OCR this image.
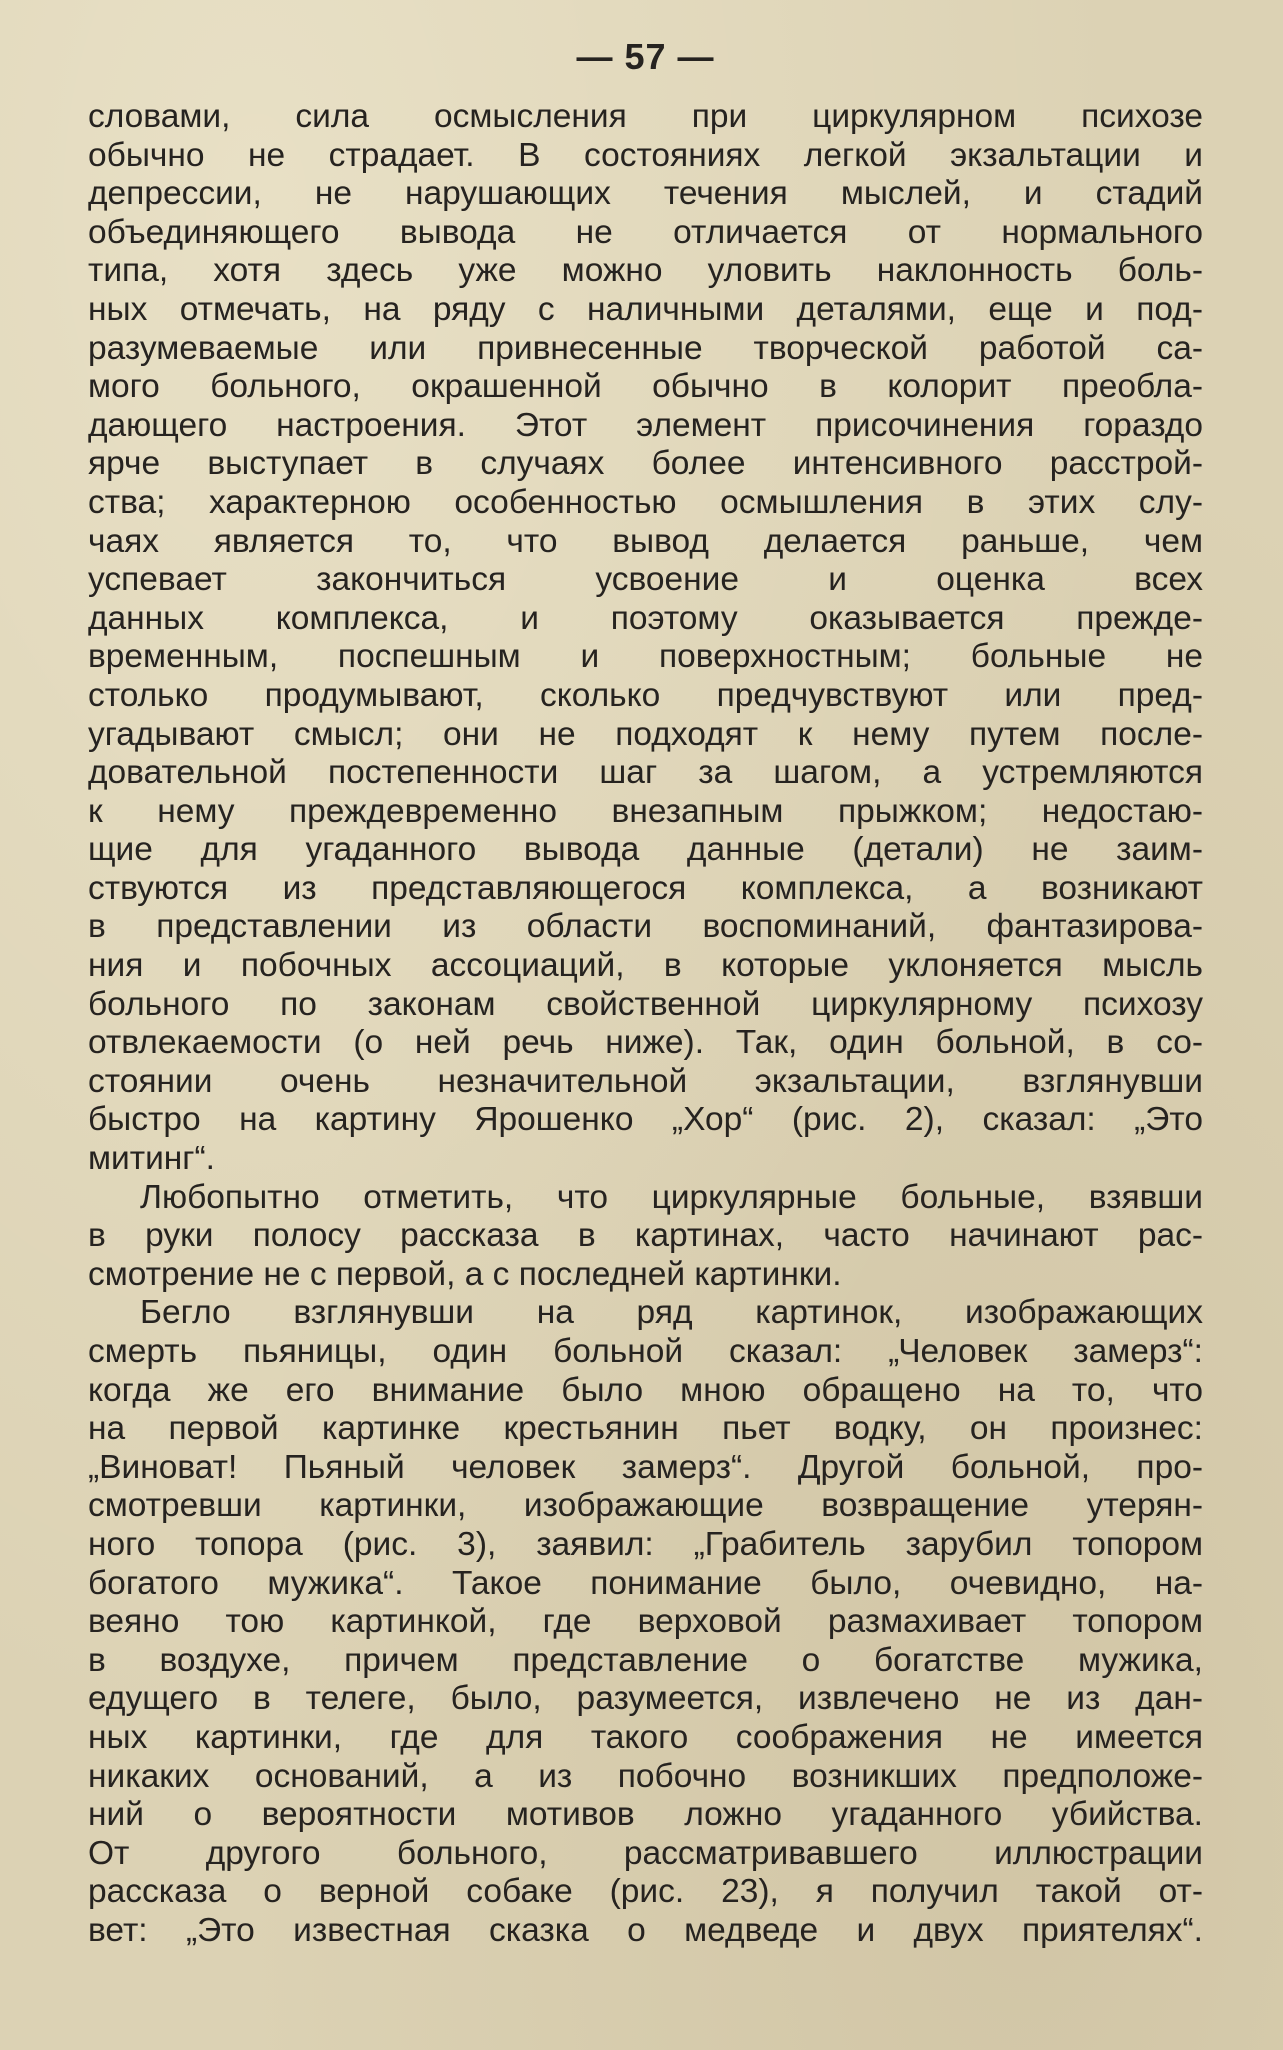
— 57 —

словами, сила осмысления при циркулярном психозе
обычно не страдает. В состояниях легкой экзальтации и
депрессии, не нарушающих течения мыслей, и стадий
объединяющего вывода не отличается от нормального
типа, хотя здесь уже можно уловить наклонность боль-
ных отмечать, на ряду с наличными деталями, еще и под-
разумеваемые или привнесенные творческой работой са-
мого больного, окрашенной обычно в колорит преобла-
дающего настроения. Этот элемент присочинения гораздо
ярче выступает в случаях более интенсивного расстрой-
ства; характерною особенностью осмышления в этих слу-
чаях является то, что вывод делается раньше, чем
успевает закончиться усвоение и оценка всех
данных комплекса, и поэтому оказывается прежде-
временным, поспешным и поверхностным; больные не
столько продумывают, сколько предчувствуют или пред-
угадывают смысл; они не подходят к нему путем после-
довательной постепенности шаг за шагом, а устремляются
к нему преждевременно внезапным прыжком; недостаю-
щие для угаданного вывода данные (детали) не заим-
ствуются из представляющегося комплекса, а возникают
в представлении из области воспоминаний, фантазирова-
ния и побочных ассоциаций, в которые уклоняется мысль
больного по законам свойственной циркулярному психозу
отвлекаемости (о ней речь ниже). Так, один больной, в со-
стоянии очень незначительной экзальтации, взглянувши
быстро на картину Ярошенко „Хор“ (рис. 2), сказал: „Это
митинг“.

Любопытно отметить, что циркулярные больные, взявши
в руки полосу рассказа в картинах, часто начинают рас-
смотрение не с первой, а с последней картинки.

Бегло взглянувши на ряд картинок, изображающих
смерть пьяницы, один больной сказал: „Человек замерз“:
когда же его внимание было мною обращено на то, что
на первой картинке крестьянин пьет водку, он произнес:
„Виноват! Пьяный человек замерз“. Другой больной, про-
смотревши картинки, изображающие возвращение утерян-
ного топора (рис. 3), заявил: „Грабитель зарубил топором
богатого мужика“. Такое понимание было, очевидно, на-
веяно тою картинкой, где верховой размахивает топором
в воздухе, причем представление о богатстве мужика,
едущего в телеге, было, разумеется, извлечено не из дан-
ных картинки, где для такого соображения не имеется
никаких оснований, а из побочно возникших предположе-
ний о вероятности мотивов ложно угаданного убийства.
От другого больного, рассматривавшего иллюстрации
рассказа о верной собаке (рис. 23), я получил такой от-
вет: „Это известная сказка о медведе и двух приятелях“.
